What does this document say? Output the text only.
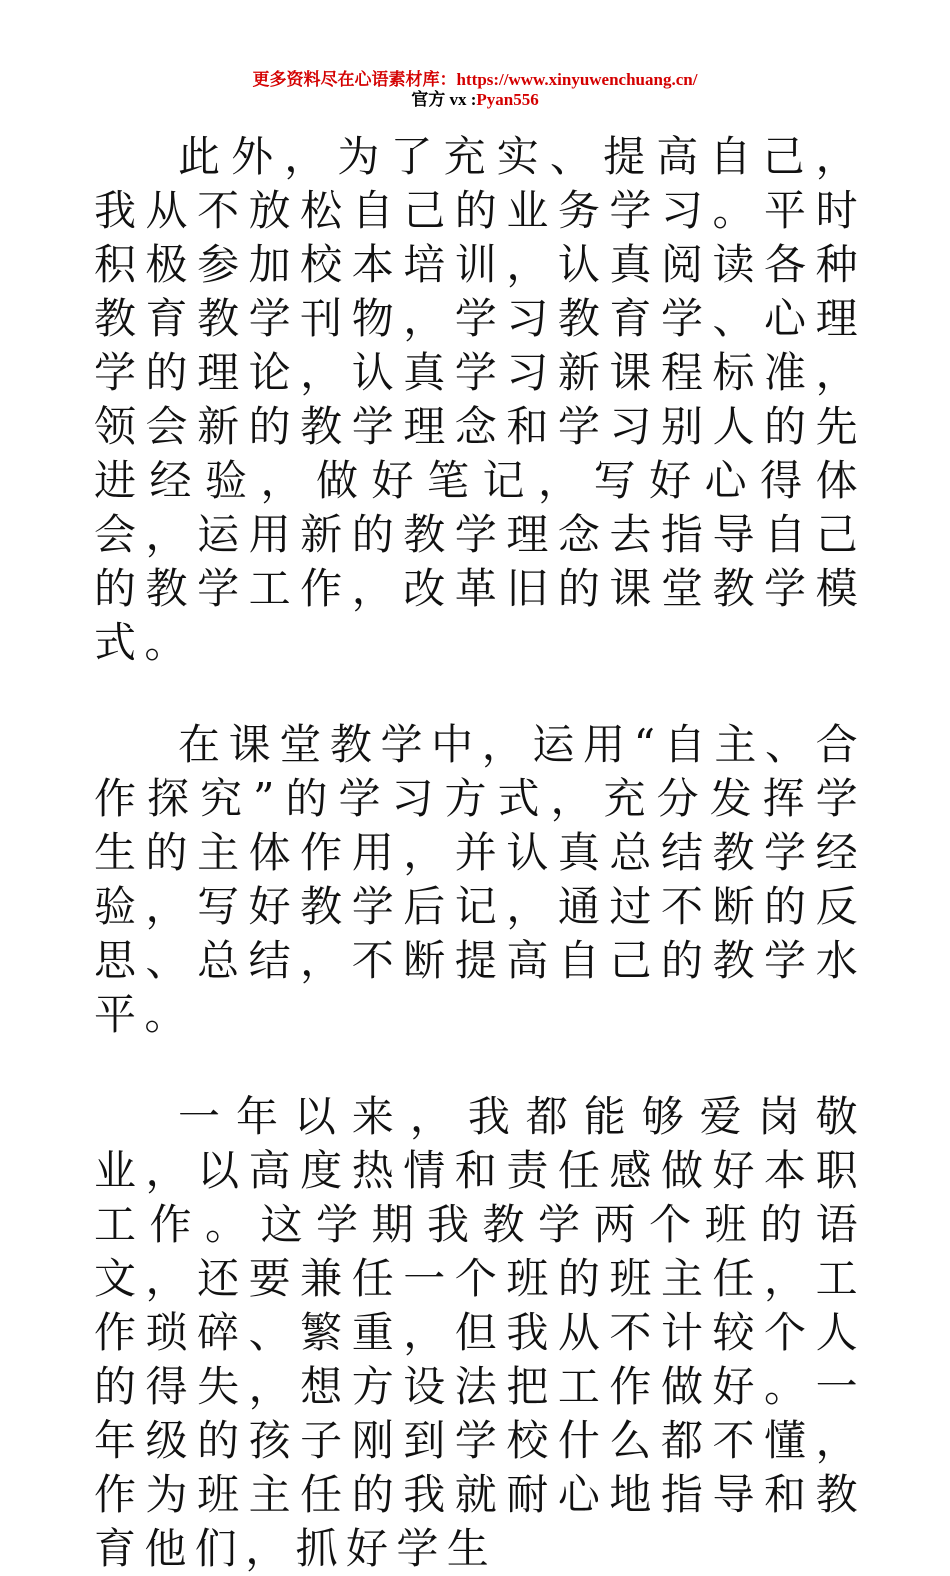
更多资料尽在心语素材库：https://www.xinyuwenchuang.cn/
官方 vx :Pyan556

此外，为了充实、提高自己，我从不放松自己的业务学习。平时积极参加校本培训，认真阅读各种教育教学刊物，学习教育学、心理学的理论，认真学习新课程标准，领会新的教学理念和学习别人的先进经验，做好笔记，写好心得体会，运用新的教学理念去指导自己的教学工作，改革旧的课堂教学模式。

在课堂教学中，运用“自主、合作探究”的学习方式，充分发挥学生的主体作用，并认真总结教学经验，写好教学后记，通过不断的反思、总结，不断提高自己的教学水平。

一年以来，我都能够爱岗敬业，以高度热情和责任感做好本职工作。这学期我教学两个班的语文，还要兼任一个班的班主任，工作琐碎、繁重，但我从不计较个人的得失，想方设法把工作做好。一年级的孩子刚到学校什么都不懂，作为班主任的我就耐心地指导和教育他们，抓好学生
